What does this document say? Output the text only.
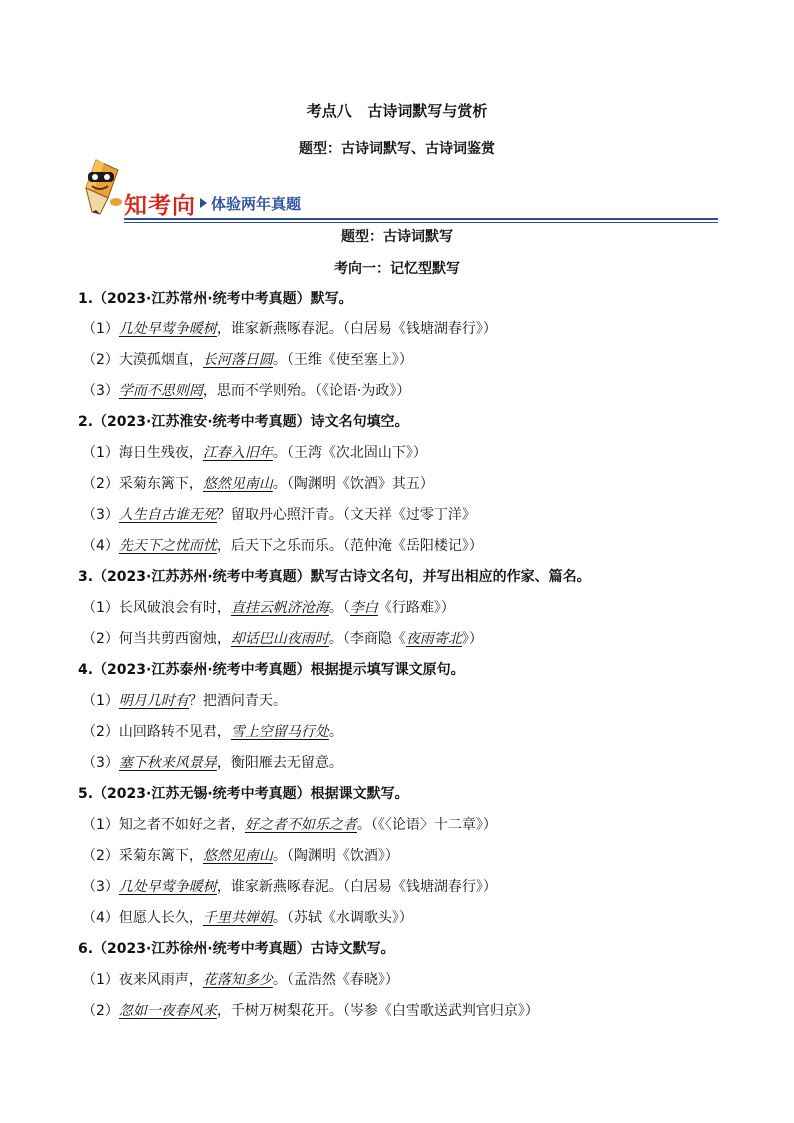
考点八   古诗词默写与赏析
题型：古诗词默写、古诗词鉴赏
知考向 体验两年真题
题型：古诗词默写
考向一：记忆型默写
1.（2023·江苏常州·统考中考真题）默写。
（1）几处早莺争暖树，谁家新燕啄春泥。（白居易《钱塘湖春行》）
（2）大漠孤烟直，长河落日圆。（王维《使至塞上》）
（3）学而不思则罔，思而不学则殆。（《论语·为政》）
2.（2023·江苏淮安·统考中考真题）诗文名句填空。
（1）海日生残夜，江春入旧年。（王湾《次北固山下》）
（2）采菊东篱下，悠然见南山。（陶渊明《饮酒》其五）
（3）人生自古谁无死？留取丹心照汗青。（文天祥《过零丁洋》
（4）先天下之忧而忧，后天下之乐而乐。（范仲淹《岳阳楼记》）
3.（2023·江苏苏州·统考中考真题）默写古诗文名句，并写出相应的作家、篇名。
（1）长风破浪会有时，直挂云帆济沧海。（李白《行路难》）
（2）何当共剪西窗烛，却话巴山夜雨时。（李商隐《夜雨寄北》）
4.（2023·江苏泰州·统考中考真题）根据提示填写课文原句。
（1）明月几时有？把酒问青天。
（2）山回路转不见君，雪上空留马行处。
（3）塞下秋来风景异，衡阳雁去无留意。
5.（2023·江苏无锡·统考中考真题）根据课文默写。
（1）知之者不如好之者，好之者不如乐之者。（《〈论语〉十二章》）
（2）采菊东篱下，悠然见南山。（陶渊明《饮酒》）
（3）几处早莺争暖树，谁家新燕啄春泥。（白居易《钱塘湖春行》）
（4）但愿人长久，千里共婵娟。（苏轼《水调歌头》）
6.（2023·江苏徐州·统考中考真题）古诗文默写。
（1）夜来风雨声，花落知多少。（孟浩然《春晓》）
（2）忽如一夜春风来，千树万树梨花开。（岑参《白雪歌送武判官归京》）
